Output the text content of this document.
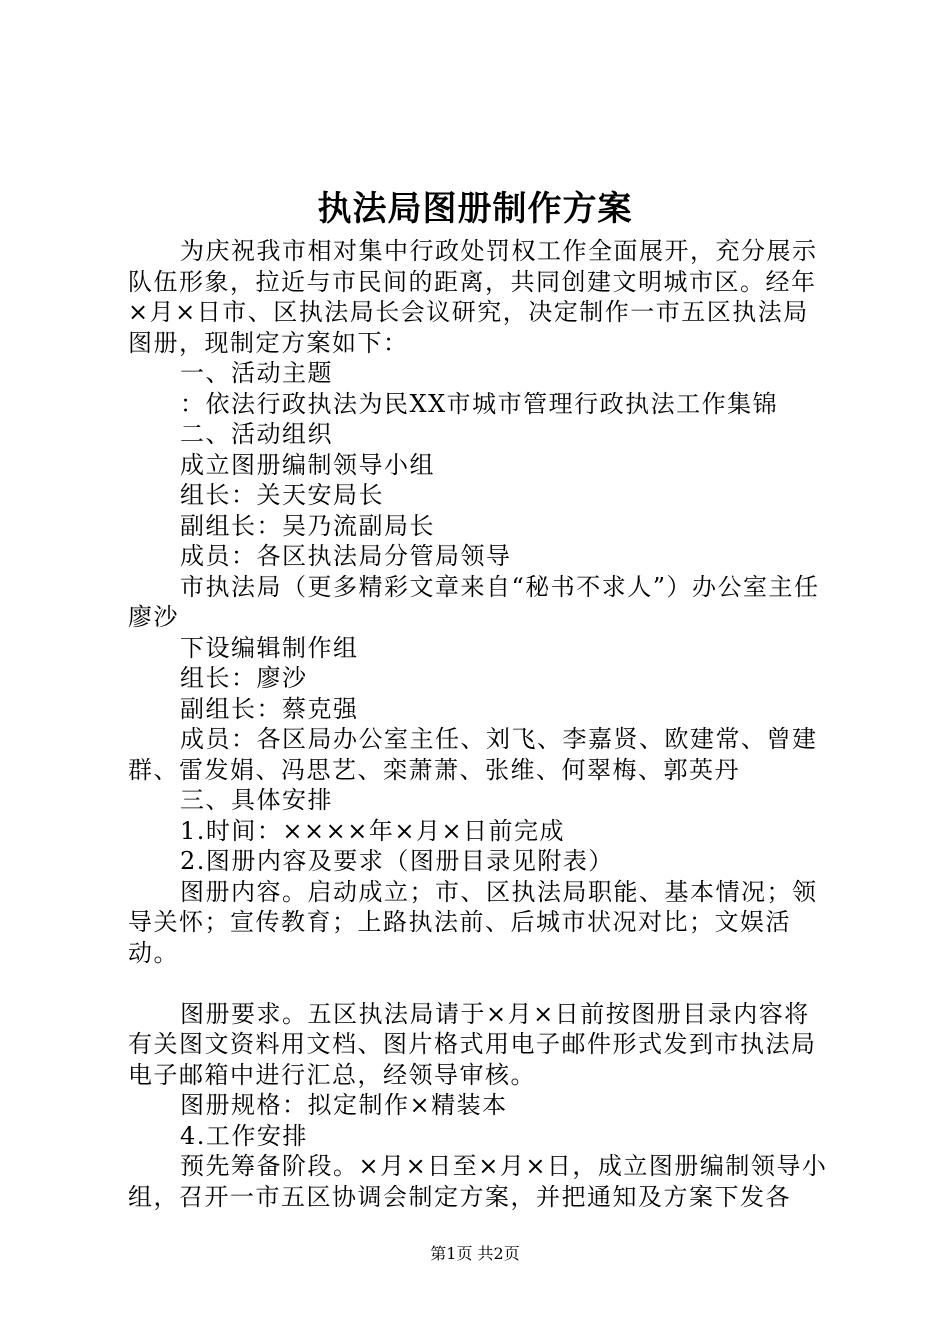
执法局图册制作方案

为庆祝我市相对集中行政处罚权工作全面展开，充分展示队伍形象，拉近与市民间的距离，共同创建文明城市区。经年×月×日市、区执法局长会议研究，决定制作一市五区执法局图册，现制定方案如下：

一、活动主题

：依法行政执法为民XX市城市管理行政执法工作集锦

二、活动组织

成立图册编制领导小组

组长：关天安局长

副组长：吴乃流副局长

成员：各区执法局分管局领导

市执法局（更多精彩文章来自“秘书不求人”）办公室主任廖沙

下设编辑制作组

组长：廖沙

副组长：蔡克强

成员：各区局办公室主任、刘飞、李嘉贤、欧建常、曾建群、雷发娟、冯思艺、栾萧萧、张维、何翠梅、郭英丹

三、具体安排

1.时间：××××年×月×日前完成

2.图册内容及要求（图册目录见附表）

图册内容。启动成立；市、区执法局职能、基本情况；领导关怀；宣传教育；上路执法前、后城市状况对比；文娱活动。

图册要求。五区执法局请于×月×日前按图册目录内容将有关图文资料用文档、图片格式用电子邮件形式发到市执法局电子邮箱中进行汇总，经领导审核。

图册规格：拟定制作×精装本

4.工作安排

预先筹备阶段。×月×日至×月×日，成立图册编制领导小组，召开一市五区协调会制定方案，并把通知及方案下发各

第1页 共2页
